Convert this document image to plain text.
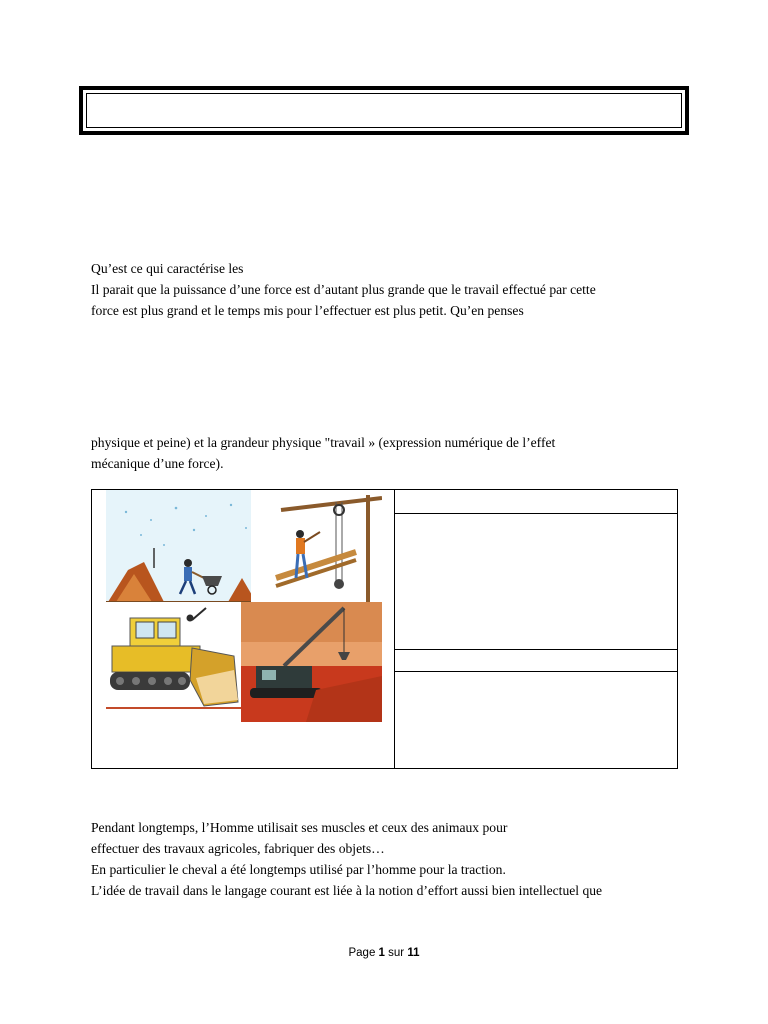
Qu’est ce qui caractérise les
Il parait que la puissance d’une force est d’autant plus grande que le travail effectué par cette
force est plus grand et le temps mis pour l’effectuer est plus petit. Qu’en penses
physique et peine) et la grandeur physique "travail » (expression numérique de l’effet
mécanique d’une force).
Pendant longtemps, l’Homme utilisait ses muscles et ceux des animaux pour
effectuer des travaux agricoles, fabriquer des objets…
En particulier le cheval a été longtemps utilisé par l’homme pour la traction.
L’idée de travail dans le langage courant est liée à la notion d’effort aussi bien intellectuel que
Page 1 sur 11
